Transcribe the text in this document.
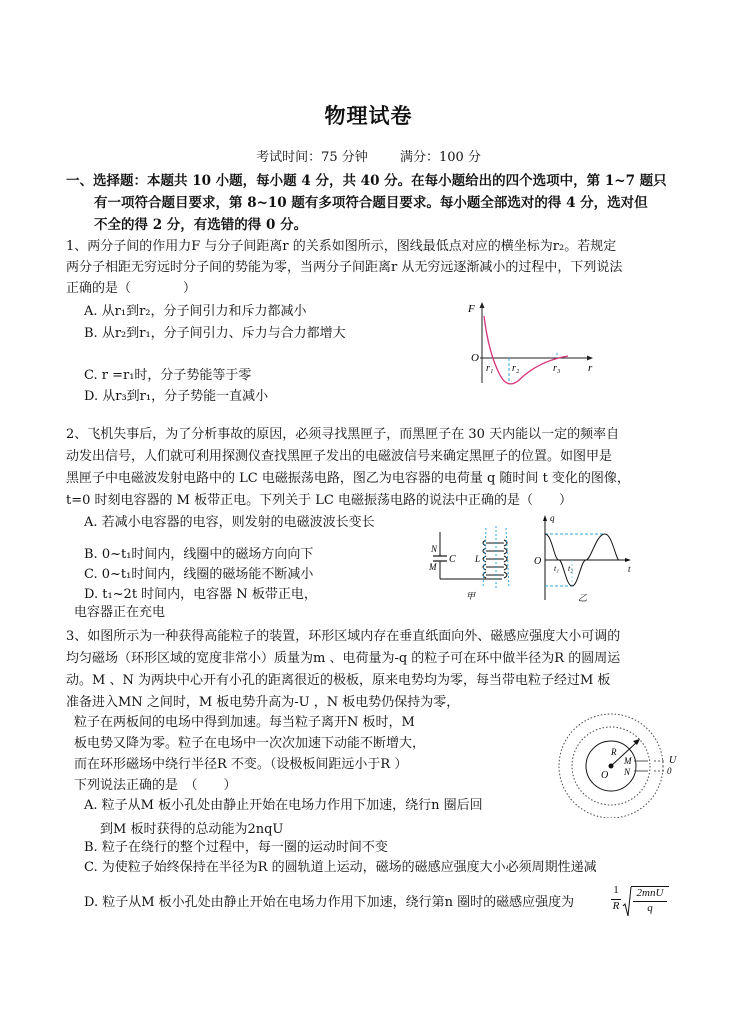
物理试卷
考试时间：75 分钟 满分：100 分
一、选择题：本题共 10 小题，每小题 4 分，共 40 分。在每小题给出的四个选项中，第 1~7 题只
有一项符合题目要求，第 8~10 题有多项符合题目要求。每小题全部选对的得 4 分，选对但
不全的得 2 分，有选错的得 0 分。
1、两分子间的作用力F 与分子间距离r 的关系如图所示，图线最低点对应的横坐标为r₂。若规定
两分子相距无穷远时分子间的势能为零，当两分子间距离r 从无穷远逐渐减小的过程中，下列说法
正确的是（　　　　）
A. 从r₁到r₂，分子间引力和斥力都减小
B. 从r₂到r₁，分子间引力、斥力与合力都增大
C. r =r₁时，分子势能等于零
D. 从r₃到r₁，分子势能一直减小
F
O
r
r₁ r₂	r₃
2、飞机失事后，为了分析事故的原因，必须寻找黑匣子，而黑匣子在 30 天内能以一定的频率自
动发出信号，人们就可利用探测仪查找黑匣子发出的电磁波信号来确定黑匣子的位置。如图甲是
黑匣子中电磁波发射电路中的 LC 电磁振荡电路，图乙为电容器的电荷量 q 随时间 t 变化的图像，
t=0 时刻电容器的 M 板带正电。下列关于 LC 电磁振荡电路的说法中正确的是（　　）
A. 若减小电容器的电容，则发射的电磁波波长变长
B. 0~t₁时间内，线圈中的磁场方向向下
C. 0~t₁时间内，线圈的磁场能不断减小
D. t₁~2t 时间内，电容器 N 板带正电，
电容器正在充电
N
M
C L
甲
q
O
t
t₁ t₂
乙
3、如图所示为一种获得高能粒子的装置，环形区域内存在垂直纸面向外、磁感应强度大小可调的
均匀磁场（环形区域的宽度非常小）质量为m 、电荷量为-q 的粒子可在环中做半径为R 的圆周运
动。M 、N 为两块中心开有小孔的距离很近的极板，原来电势均为零，每当带电粒子经过M 板
准备进入MN 之间时，M 板电势升高为-U ，N 板电势仍保持为零，
粒子在两板间的电场中得到加速。每当粒子离开N 板时，M
板电势又降为零。粒子在电场中一次次加速下动能不断增大，
而在环形磁场中绕行半径R 不变。（设极板间距远小于R ）
下列说法正确的是　（　　）
R
O
M
N
U
0
A. 粒子从M 板小孔处由静止开始在电场力作用下加速，绕行n 圈后回
到M 板时获得的总动能为2nqU
B. 粒子在绕行的整个过程中，每一圈的运动时间不变
C. 为使粒子始终保持在半径为R 的圆轨道上运动，磁场的磁感应强度大小必须周期性递减
D. 粒子从M 板小孔处由静止开始在电场力作用下加速，绕行第n 圈时的磁感应强度为
1
R
2mnU
q
